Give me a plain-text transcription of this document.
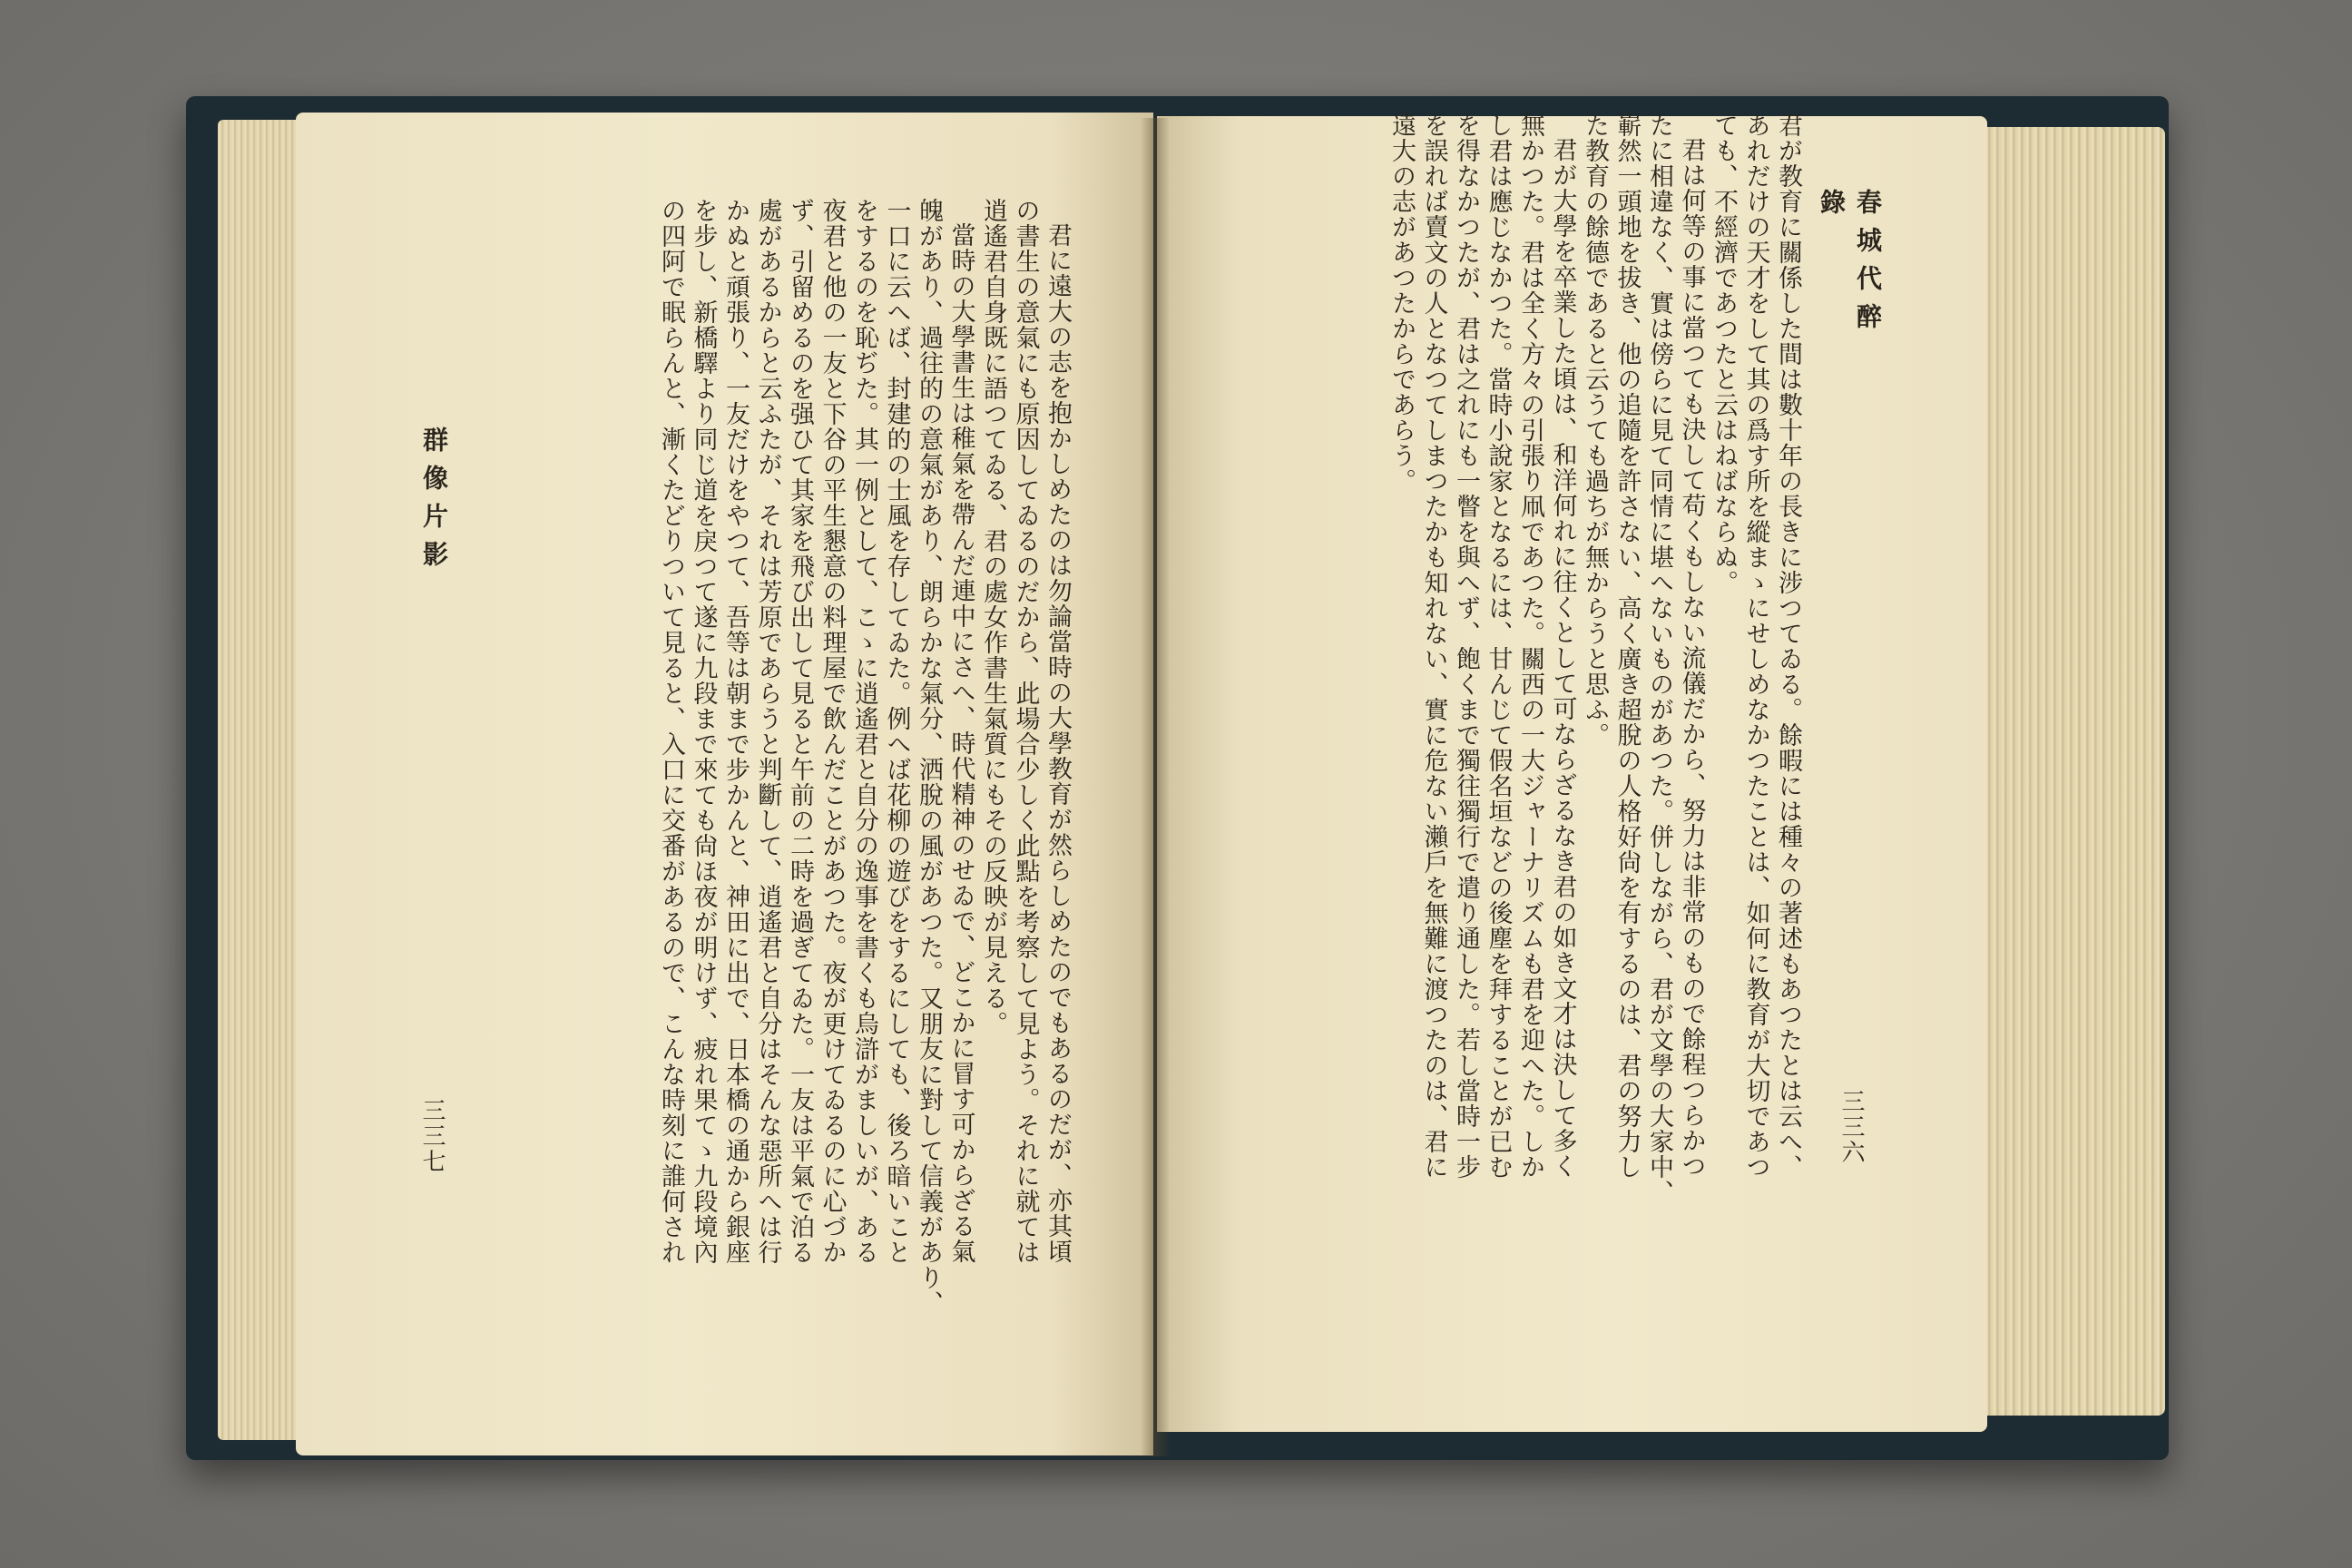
春城代醉錄
君が教育に關係した間は數十年の長きに涉つてゐる。餘暇には種々の著述もあつたとは云へ、
あれだけの天才をして其の爲す所を縱まゝにせしめなかつたことは、如何に教育が大切であつ
ても、不經濟であつたと云はねばならぬ。
君は何等の事に當つても決して苟くもしない流儀だから、努力は非常のもので餘程つらかつ
たに相違なく、實は傍らに見て同情に堪へないものがあつた。併しながら、君が文學の大家中、
嶄然一頭地を拔き、他の追隨を許さない、高く廣き超脫の人格好尙を有するのは、君の努力し
た教育の餘德であると云うても過ちが無からうと思ふ。
君が大學を卒業した頃は、和洋何れに往くとして可ならざるなき君の如き文才は決して多く
無かつた。君は全く方々の引張り凧であつた。關西の一大ジャーナリズムも君を迎へた。しか
し君は應じなかつた。當時小說家となるには、甘んじて假名垣などの後塵を拜することが已む
を得なかつたが、君は之れにも一瞥を與へず、飽くまで獨往獨行で遣り通した。若し當時一步
を誤れば賣文の人となつてしまつたかも知れない、實に危ない瀨戶を無難に渡つたのは、君に
遠大の志があつたからであらう。
三三六
君に遠大の志を抱かしめたのは勿論當時の大學教育が然らしめたのでもあるのだが、亦其頃
の書生の意氣にも原因してゐるのだから、此場合少しく此點を考察して見よう。それに就ては
逍遙君自身既に語つてゐる、君の處女作書生氣質にもその反映が見える。
當時の大學書生は稚氣を帶んだ連中にさへ、時代精神のせゐで、どこかに冒す可からざる氣
魄があり、過往的の意氣があり、朗らかな氣分、洒脫の風があつた。又朋友に對して信義があり、
一口に云へば、封建的の士風を存してゐた。例へば花柳の遊びをするにしても、後ろ暗いこと
をするのを恥ぢた。其一例として、こゝに逍遙君と自分の逸事を書くも烏滸がましいが、ある
夜君と他の一友と下谷の平生懇意の料理屋で飲んだことがあつた。夜が更けてゐるのに心づか
ず、引留めるのを强ひて其家を飛び出して見ると午前の二時を過ぎてゐた。一友は平氣で泊る
處があるからと云ふたが、それは芳原であらうと判斷して、逍遙君と自分はそんな惡所へは行
かぬと頑張り、一友だけをやつて、吾等は朝まで步かんと、神田に出で、日本橋の通から銀座
を步し、新橋驛より同じ道を戾つて遂に九段まで來ても尙ほ夜が明けず、疲れ果てゝ九段境內
の四阿で眠らんと、漸くたどりついて見ると、入口に交番があるので、こんな時刻に誰何され
群像片影
三三七
